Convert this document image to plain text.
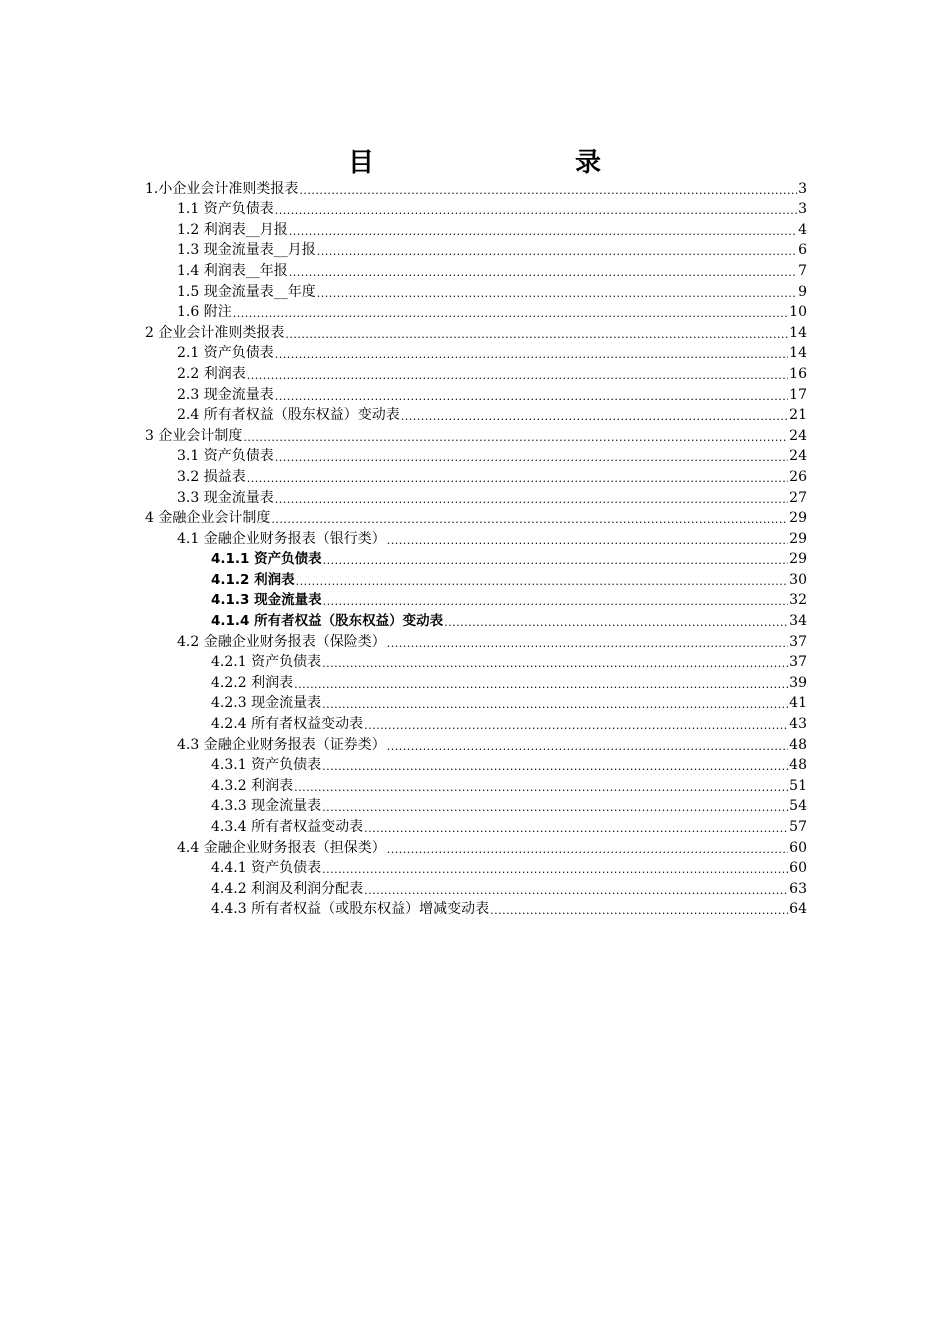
目	录
1.小企业会计准则类报表 .....	3
1.1 资产负债表 .....	3
1.2 利润表__月报 .....	4
1.3 现金流量表__月报 .....	6
1.4 利润表__年报 .....	7
1.5 现金流量表__年度 .....	9
1.6 附注 .....	10
2 企业会计准则类报表 .....	14
2.1 资产负债表 .....	14
2.2 利润表 .....	16
2.3 现金流量表 .....	17
2.4 所有者权益（股东权益）变动表 .....	21
3 企业会计制度 .....	24
3.1 资产负债表 .....	24
3.2 损益表 .....	26
3.3 现金流量表 .....	27
4 金融企业会计制度 .....	29
4.1 金融企业财务报表（银行类） .....	29
4.1.1 资产负债表 .....	29
4.1.2 利润表 .....	30
4.1.3 现金流量表 .....	32
4.1.4 所有者权益（股东权益）变动表 .....	34
4.2 金融企业财务报表（保险类） .....	37
4.2.1 资产负债表 .....	37
4.2.2 利润表 .....	39
4.2.3 现金流量表 .....	41
4.2.4 所有者权益变动表 .....	43
4.3 金融企业财务报表（证券类） .....	48
4.3.1 资产负债表 .....	48
4.3.2 利润表 .....	51
4.3.3 现金流量表 .....	54
4.3.4 所有者权益变动表 .....	57
4.4 金融企业财务报表（担保类） .....	60
4.4.1 资产负债表 .....	60
4.4.2 利润及利润分配表 .....	63
4.4.3 所有者权益（或股东权益）增减变动表 .....	64
